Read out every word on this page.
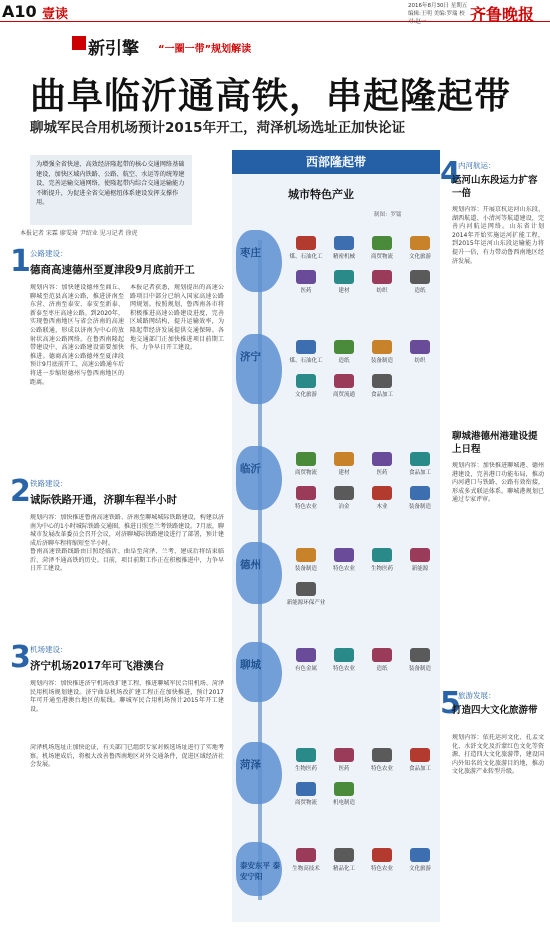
A10 壹读
2016年8月30日 星期五
编辑:王明 美编:罗瑞 校对:赵一	齐鲁晚报
新引擎 “一圈一带”规划解读
曲阜临沂通高铁，串起隆起带
聊城军民合用机场预计2015年开工，菏泽机场选址正加快论证
为增强全省快速、高效经济隆起带的核心交通网络基础建设，加快区域内铁路、公路、航空、水运等的统筹建设，完善运输交通网络，使隆起带内综合交通运输能力不断提升，为促进全省交通枢纽体系建设发挥支撑作用。
本报记者 宋霖 廖雯琦 尹绍业 见习记者 徐虎
1 公路建设：
德商高速德州至夏津段9月底前开工
规划内容：加快建设德州至商丘、聊城至范县高速公路，推进济南至东营、济南至泰安、泰安至新泰、新泰至枣庄高速公路。到2020年，实现鲁西南地区与省会济南的高速公路联通，形成以济南为中心的放射状高速公路网络。在鲁西南隆起带建设中，高速公路建设需要加快推进。德商高速公路德州至夏津段预计9月底前开工，高速公路通车后将进一步缩短德州与鲁西南地区的距离。
本报记者获悉，规划提出的高速公路项目中部分已纳入国家高速公路网规划。按照规划，鲁西南各市将积极推进高速公路建设进度，完善区域路网结构，提升运输效率，为隆起带经济发展提供交通保障。各地交通部门正加快推进项目前期工作，力争早日开工建设。
2 铁路建设：
诚际铁路开通，济聊车程半小时
规划内容：加快推进鲁南高速铁路、济南至聊城城际铁路建设，构建以济南为中心的1小时城际铁路交通圈，推进日照至兰考铁路建设。7月底，聊城市发展改革委员会召开会议，对济聊城际铁路建设进行了部署，预计建成后济聊车程将缩短至半小时。
鲁南高速铁路线路由日照经临沂、曲阜至菏泽、兰考，建成后将结束临沂、菏泽不通高铁的历史。目前，项目前期工作正在积极推进中，力争早日开工建设。
3 机场建设：
济宁机场2017年可飞港澳台
规划内容：加快推进济宁机场改扩建工程，推进聊城军民合用机场、菏泽民用机场规划建设。济宁曲阜机场改扩建工程正在加快推进，预计2017年可开通至港澳台地区的航线。聊城军民合用机场预计2015年开工建设。
菏泽机场选址正加快论证，有关部门已组织专家对候选场址进行了实地考察。机场建成后，将极大改善鲁西南地区对外交通条件，促进区域经济社会发展。
西部隆起带
城市特色产业
制图：罗镭
枣庄	煤、石油化工	精密机械	商贸物流	文化旅游
医药	建材	纺织	造纸
济宁	煤、石油化工	造纸	装备制造	纺织
文化旅游	商贸流通	食品加工
临沂	商贸物流	建材	医药	食品加工
特色农业	冶金	木业	装备制造
德州	装备制造	特色农业	生物医药	新能源
新能源环保产业
聊城	有色金属	特色农业	造纸	装备制造
菏泽	生物医药	医药	特色农业	食品加工
商贸物流	机电制造
泰安东平 泰安宁阳
生物高技术	精品化工	特色农业	文化旅游
4
内河航运：
运河山东段运力扩容一倍
规划内容：开展京杭运河山东段、湖西航道、小清河等航道建设，完善内河航运网络。山东省计划2014年开始实施运河扩能工程，到2015年运河山东段运输能力将提升一倍，有力带动鲁西南地区经济发展。
聊城港德州港建设提上日程
规划内容：加快推进聊城港、德州港建设，完善港口功能布局，推动内河港口与铁路、公路有效衔接，形成多式联运体系。聊城港规划已通过专家评审。
5
旅游发展：
打造四大文化旅游带
规划内容：依托运河文化、孔孟文化、水浒文化及沂蒙红色文化等资源，打造四大文化旅游带，建设国内外知名的文化旅游目的地，推动文化旅游产业转型升级。
